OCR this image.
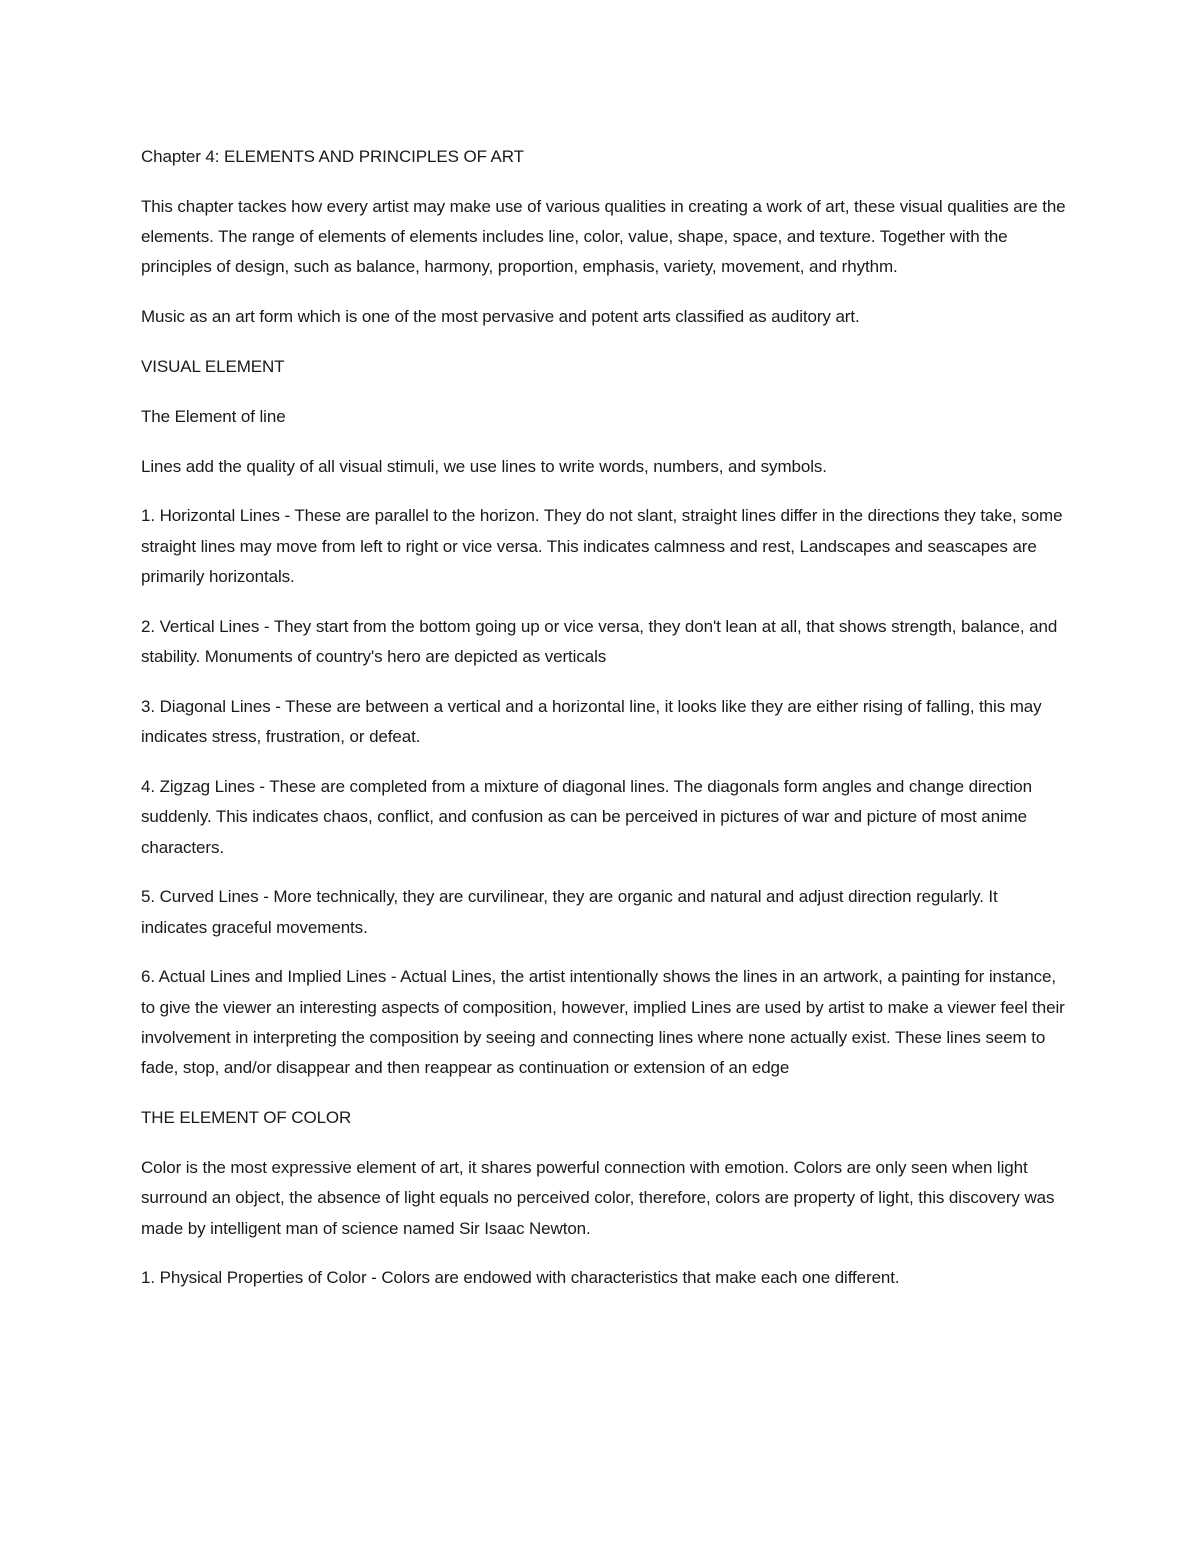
Chapter 4: ELEMENTS AND PRINCIPLES OF ART

This chapter tackes how every artist may make use of various qualities in creating a work of art, these visual qualities are the elements. The range of elements of elements includes line, color, value, shape, space, and texture. Together with the principles of design, such as balance, harmony, proportion, emphasis, variety, movement, and rhythm.

Music as an art form which is one of the most pervasive and potent arts classified as auditory art.

VISUAL ELEMENT

The Element of line

Lines add the quality of all visual stimuli, we use lines to write words, numbers, and symbols.

1. Horizontal Lines - These are parallel to the horizon. They do not slant, straight lines differ in the directions they take, some straight lines may move from left to right or vice versa. This indicates calmness and rest, Landscapes and seascapes are primarily horizontals.

2. Vertical Lines - They start from the bottom going up or vice versa, they don't lean at all, that shows strength, balance, and stability. Monuments of country's hero are depicted as verticals

3. Diagonal Lines - These are between a vertical and a horizontal line, it looks like they are either rising of falling, this may indicates stress, frustration, or defeat.

4. Zigzag Lines - These are completed from a mixture of diagonal lines. The diagonals form angles and change direction suddenly. This indicates chaos, conflict, and confusion as can be perceived in pictures of war and picture of most anime characters.

5. Curved Lines - More technically, they are curvilinear, they are organic and natural and adjust direction regularly. It indicates graceful movements.

6. Actual Lines and Implied Lines - Actual Lines, the artist intentionally shows the lines in an artwork, a painting for instance, to give the viewer an interesting aspects of composition, however, implied Lines are used by artist to make a viewer feel their involvement in interpreting the composition by seeing and connecting lines where none actually exist. These lines seem to fade, stop, and/or disappear and then reappear as continuation or extension of an edge

THE ELEMENT OF COLOR

Color is the most expressive element of art, it shares powerful connection with emotion. Colors are only seen when light surround an object, the absence of light equals no perceived color, therefore, colors are property of light, this discovery was made by intelligent man of science named Sir Isaac Newton.

1. Physical Properties of Color - Colors are endowed with characteristics that make each one different.
